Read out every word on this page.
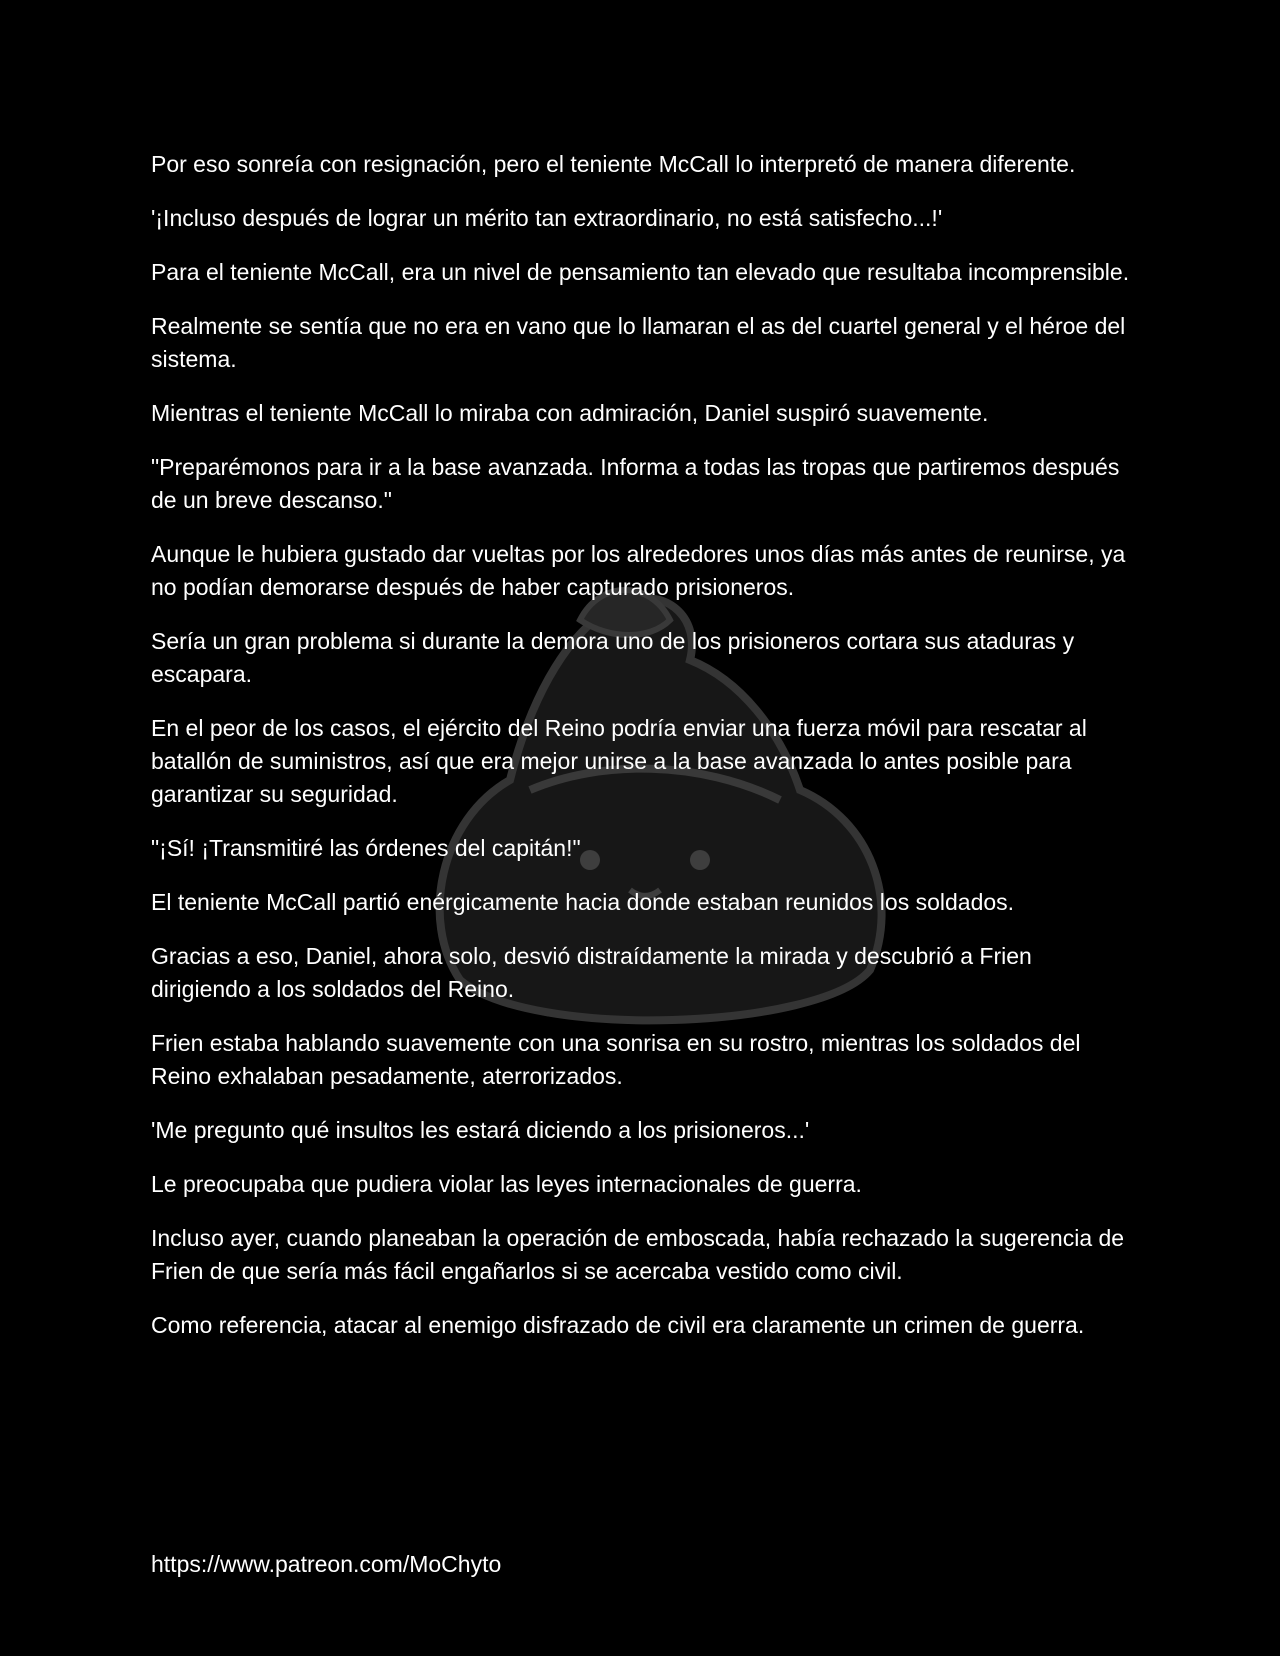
Por eso sonreía con resignación, pero el teniente McCall lo interpretó de manera diferente.

'¡Incluso después de lograr un mérito tan extraordinario, no está satisfecho...!'

Para el teniente McCall, era un nivel de pensamiento tan elevado que resultaba incomprensible.

Realmente se sentía que no era en vano que lo llamaran el as del cuartel general y el héroe del sistema.

Mientras el teniente McCall lo miraba con admiración, Daniel suspiró suavemente.

"Preparémonos para ir a la base avanzada. Informa a todas las tropas que partiremos después de un breve descanso."

Aunque le hubiera gustado dar vueltas por los alrededores unos días más antes de reunirse, ya no podían demorarse después de haber capturado prisioneros.

Sería un gran problema si durante la demora uno de los prisioneros cortara sus ataduras y escapara.

En el peor de los casos, el ejército del Reino podría enviar una fuerza móvil para rescatar al batallón de suministros, así que era mejor unirse a la base avanzada lo antes posible para garantizar su seguridad.

"¡Sí! ¡Transmitiré las órdenes del capitán!"

El teniente McCall partió enérgicamente hacia donde estaban reunidos los soldados.

Gracias a eso, Daniel, ahora solo, desvió distraídamente la mirada y descubrió a Frien dirigiendo a los soldados del Reino.

Frien estaba hablando suavemente con una sonrisa en su rostro, mientras los soldados del Reino exhalaban pesadamente, aterrorizados.

'Me pregunto qué insultos les estará diciendo a los prisioneros...'

Le preocupaba que pudiera violar las leyes internacionales de guerra.

Incluso ayer, cuando planeaban la operación de emboscada, había rechazado la sugerencia de Frien de que sería más fácil engañarlos si se acercaba vestido como civil.

Como referencia, atacar al enemigo disfrazado de civil era claramente un crimen de guerra.

https://www.patreon.com/MoChyto
